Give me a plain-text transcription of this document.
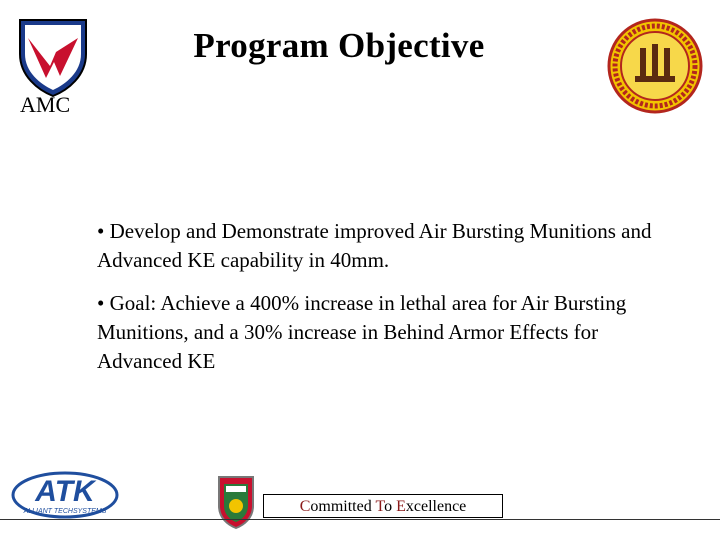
AMC
Program Objective
• Develop and Demonstrate improved Air Bursting Munitions and Advanced KE capability in 40mm.
• Goal: Achieve a 400% increase in lethal area for Air Bursting Munitions, and a 30% increase in Behind Armor Effects for Advanced KE
ATK
ALLIANT TECHSYSTEMS	Committed To Excellence
